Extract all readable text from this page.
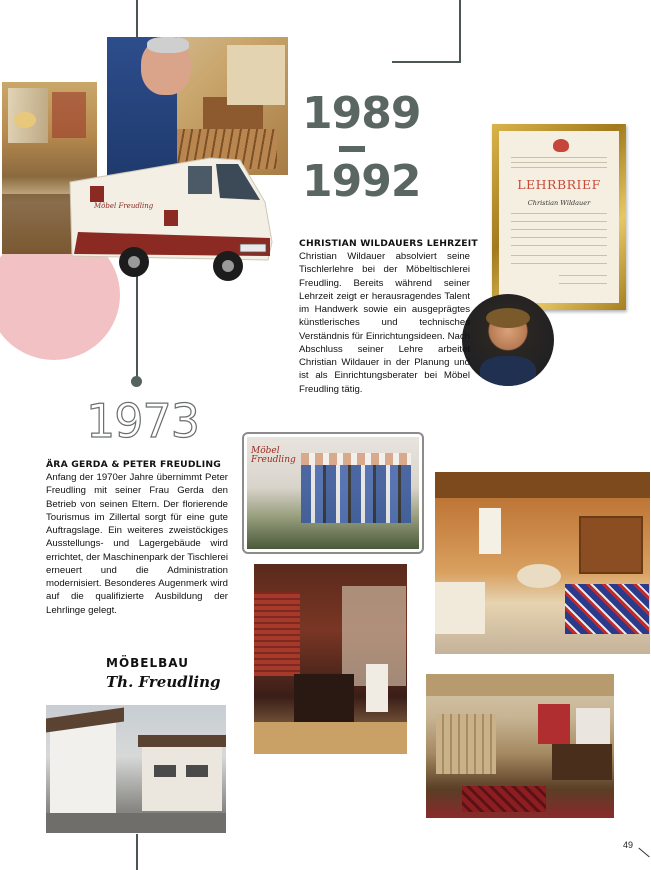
Möbel Freudling
1989
1992	LEHRBRIEF
Christian Wildauer
CHRISTIAN WILDAUERS LEHRZEIT
Christian Wildauer absolviert seine Tischlerlehre bei der Möbeltischlerei Freudling. Bereits während seiner Lehrzeit zeigt er herausragendes Talent im Handwerk sowie ein ausgeprägtes künstlerisches und technisches Verständnis für Einrichtungsideen. Nach Abschluss seiner Lehre arbeitet Christian Wildauer in der Planung und ist als Einrichtungsberater bei Möbel Freudling tätig.
1973
ÄRA GERDA & PETER FREUDLING
Anfang der 1970er Jahre übernimmt Peter Freudling mit seiner Frau Gerda den Betrieb von seinen Eltern. Der florierende Tourismus im Zillertal sorgt für eine gute Auftragslage. Ein weiteres zweistöckiges Ausstellungs- und Lagergebäude wird errichtet, der Maschinenpark der Tischlerei erneuert und die Administration modernisiert. Besonderes Augenmerk wird auf die qualifizierte Ausbildung der Lehrlinge gelegt.
MÖBELBAU
Th. Freudling
Möbel Freudling
49
